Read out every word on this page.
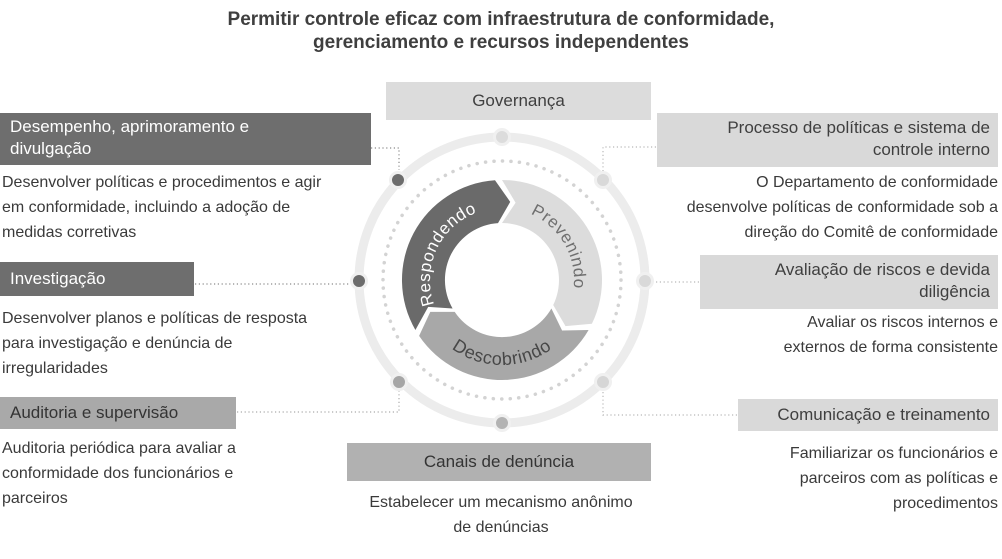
Permitir controle eficaz com infraestrutura de conformidade,
gerenciamento e recursos independentes
Respondendo	Prevenindo
Descobrindo
Governança
Desempenho, aprimoramento e divulgação
Desenvolver políticas e procedimentos e agir em conformidade, incluindo a adoção de medidas corretivas
Investigação
Desenvolver planos e políticas de resposta para investigação e denúncia de irregularidades
Auditoria e supervisão
Auditoria periódica para avaliar a conformidade dos funcionários e parceiros
Processo de políticas e sistema de controle interno
O Departamento de conformidade desenvolve políticas de conformidade sob a direção do Comitê de conformidade
Avaliação de riscos e devida diligência
Avaliar os riscos internos e externos de forma consistente
Comunicação e treinamento
Familiarizar os funcionários e parceiros com as políticas e procedimentos
Canais de denúncia
Estabelecer um mecanismo anônimo de denúncias
